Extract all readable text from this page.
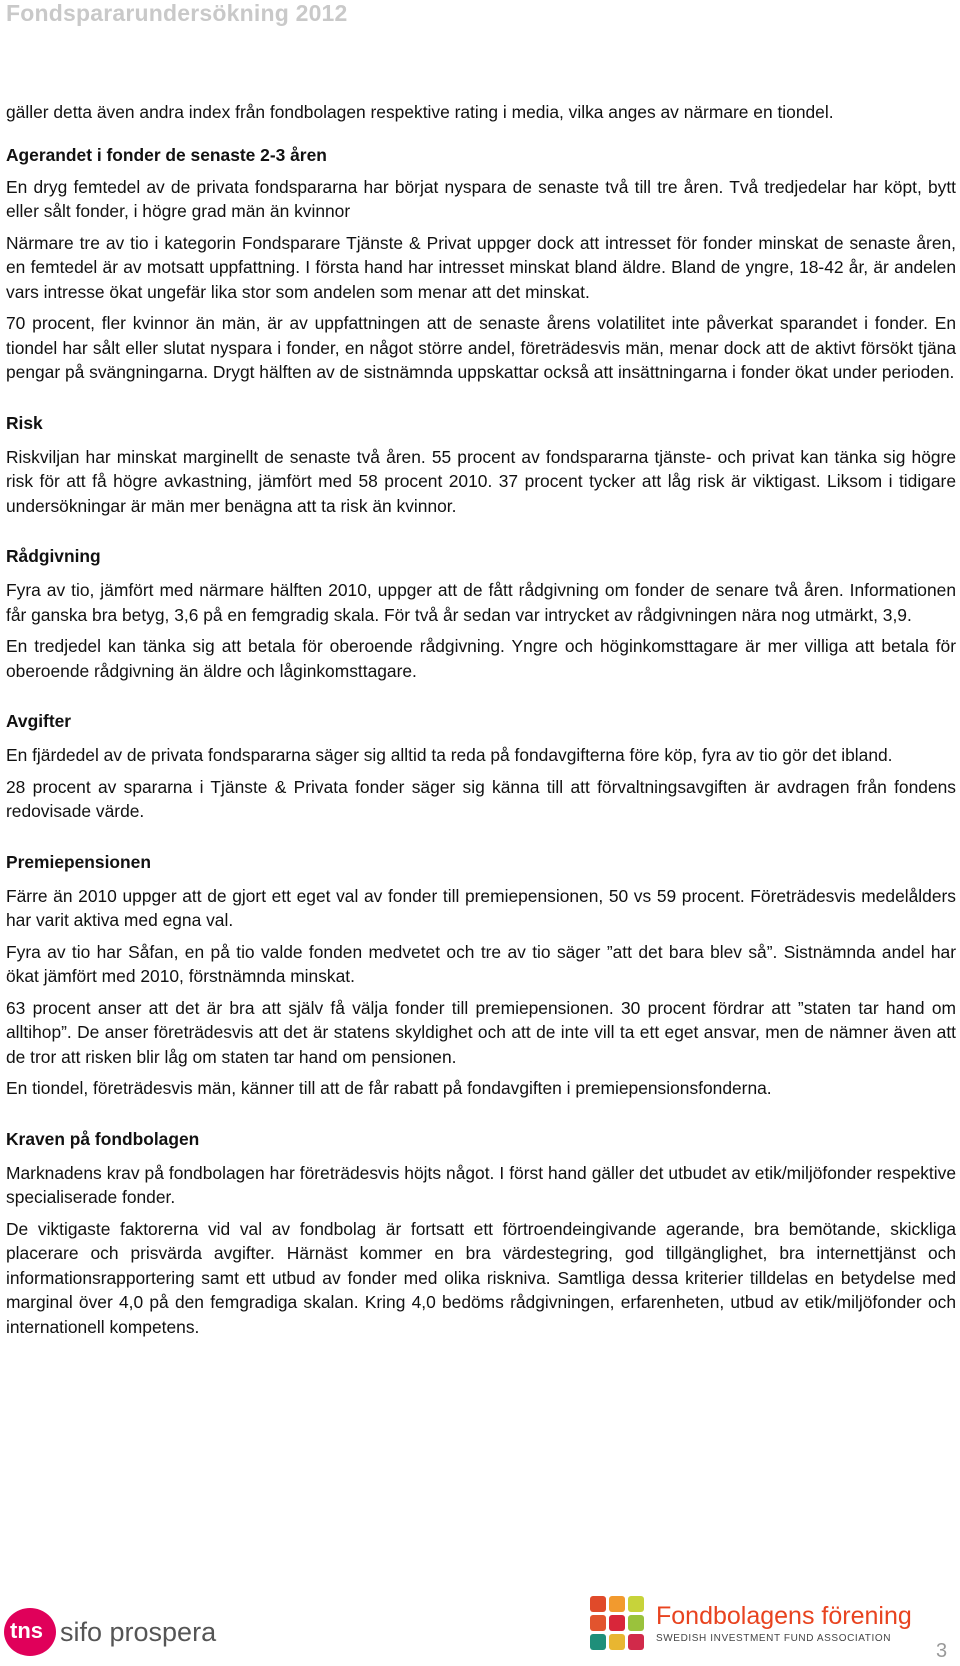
Fondspararundersökning 2012

gäller detta även andra index från fondbolagen respektive rating i media, vilka anges av närmare en tiondel.

Agerandet i fonder de senaste 2-3 åren

En dryg femtedel av de privata fondspararna har börjat nyspara de senaste två till tre åren. Två tredjedelar har köpt, bytt eller sålt fonder, i högre grad män än kvinnor

Närmare tre av tio i kategorin Fondsparare Tjänste & Privat uppger dock att intresset för fonder minskat de senaste åren, en femtedel är av motsatt uppfattning. I första hand har intresset minskat bland äldre. Bland de yngre, 18-42 år, är andelen vars intresse ökat ungefär lika stor som andelen som menar att det minskat.

70 procent, fler kvinnor än män, är av uppfattningen att de senaste årens volatilitet inte påverkat sparandet i fonder. En tiondel har sålt eller slutat nyspara i fonder, en något större andel, företrädesvis män, menar dock att de aktivt försökt tjäna pengar på svängningarna. Drygt hälften av de sistnämnda uppskattar också att insättningarna i fonder ökat under perioden.

Risk

Riskviljan har minskat marginellt de senaste två åren. 55 procent av fondspararna tjänste- och privat kan tänka sig högre risk för att få högre avkastning, jämfört med 58 procent 2010. 37 procent tycker att låg risk är viktigast. Liksom i tidigare undersökningar är män mer benägna att ta risk än kvinnor.

Rådgivning

Fyra av tio, jämfört med närmare hälften 2010, uppger att de fått rådgivning om fonder de senare två åren. Informationen får ganska bra betyg, 3,6 på en femgradig skala. För två år sedan var intrycket av rådgivningen nära nog utmärkt, 3,9.

En tredjedel kan tänka sig att betala för oberoende rådgivning. Yngre och höginkomsttagare är mer villiga att betala för oberoende rådgivning än äldre och låginkomsttagare.

Avgifter

En fjärdedel av de privata fondspararna säger sig alltid ta reda på fondavgifterna före köp, fyra av tio gör det ibland.

28 procent av spararna i Tjänste & Privata fonder säger sig känna till att förvaltningsavgiften är avdragen från fondens redovisade värde.

Premiepensionen

Färre än 2010 uppger att de gjort ett eget val av fonder till premiepensionen, 50 vs 59 procent. Företrädesvis medelålders har varit aktiva med egna val.

Fyra av tio har Såfan, en på tio valde fonden medvetet och tre av tio säger ”att det bara blev så”. Sistnämnda andel har ökat jämfört med 2010, förstnämnda minskat.

63 procent anser att det är bra att själv få välja fonder till premiepensionen. 30 procent fördrar att ”staten tar hand om alltihop”. De anser företrädesvis att det är statens skyldighet och att de inte vill ta ett eget ansvar, men de nämner även att de tror att risken blir låg om staten tar hand om pensionen.

En tiondel, företrädesvis män, känner till att de får rabatt på fondavgiften i premiepensionsfonderna.

Kraven på fondbolagen

Marknadens krav på fondbolagen har företrädesvis höjts något. I först hand gäller det utbudet av etik/miljöfonder respektive specialiserade fonder.

De viktigaste faktorerna vid val av fondbolag är fortsatt ett förtroendeingivande agerande, bra bemötande, skickliga placerare och prisvärda avgifter. Härnäst kommer en bra värdestegring, god tillgänglighet, bra internettjänst och informationsrapportering samt ett utbud av fonder med olika riskniva. Samtliga dessa kriterier tilldelas en betydelse med marginal över 4,0 på den femgradiga skalan. Kring 4,0 bedöms rådgivningen, erfarenheten, utbud av etik/miljöfonder och internationell kompetens.

tns sifo prospera
Fondbolagens förening
SWEDISH INVESTMENT FUND ASSOCIATION
3
